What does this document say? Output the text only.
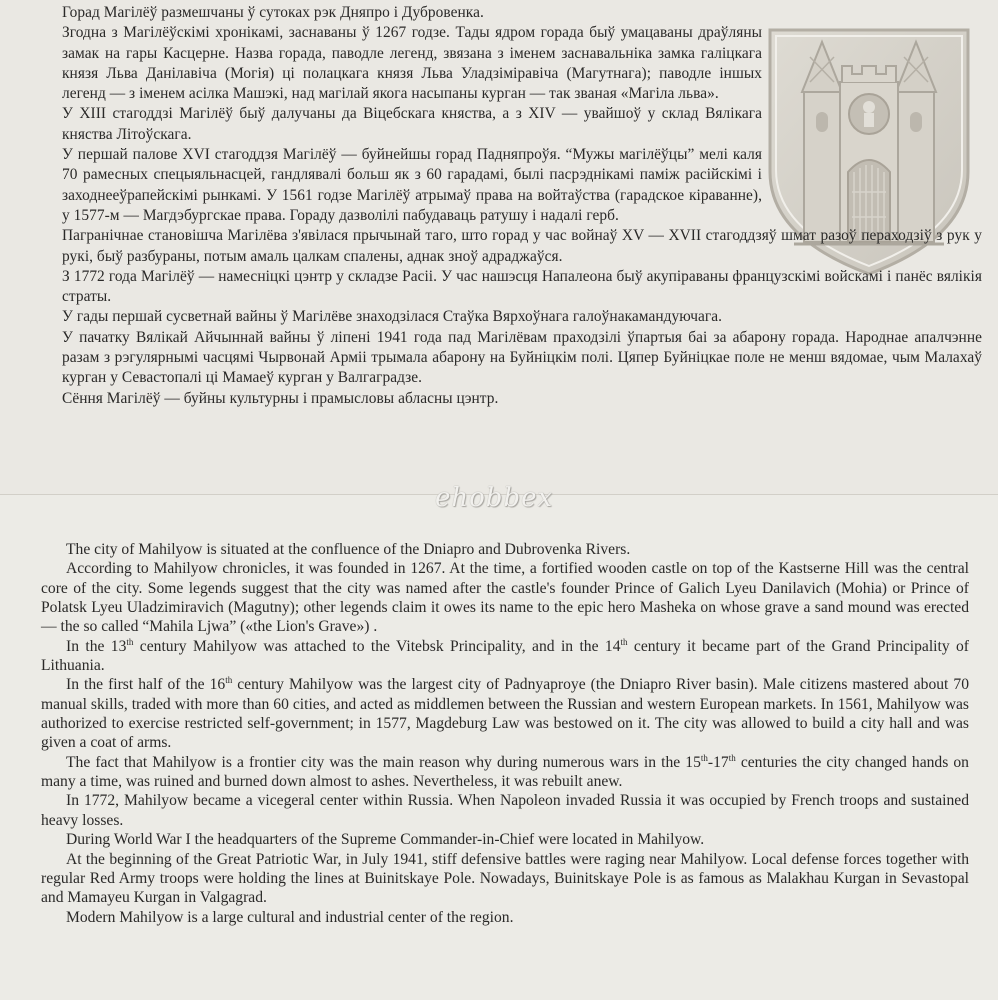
Горад Магілёў размешчаны ў сутоках рэк Дняпро і Дубровенка.

Згодна з Магілёўскімі хронікамі, заснаваны ў 1267 годзе. Тады ядром горада быў умацаваны драўляны замак на гары Касцерне. Назва горада, паводле легенд, звязана з іменем заснавальніка замка галіцкага князя Льва Данілавіча (Могія) ці полацкага князя Льва Уладзіміравіча (Магутнага); паводле іншых легенд — з іменем асілка Машэкі, над магілай якога насыпаны курган — так званая «Магіла льва».

У XIII стагоддзі Магілёў быў далучаны да Віцебскага княства, а з XIV — увайшоў у склад Вялікага княства Літоўскага.

У першай палове XVI стагоддзя Магілёў — буйнейшы горад Падняпроўя. “Мужы магілёўцы” мелі каля 70 рамесных спецыяльнасцей, гандлявалі больш як з 60 гарадамі, былі пасрэднікамі паміж расійскімі і заходнееўрапейскімі рынкамі. У 1561 годзе Магілёў атрымаў права на войтаўства (гарадское кіраванне), у 1577-м — Магдэбургскае права. Гораду дазволілі пабудаваць ратушу і надалі герб.

Пагранічнае становішча Магілёва з'явілася прычынай таго, што горад у час войнаў XV — XVII стагоддзяў шмат разоў пераходзіў з рук у рукі, быў разбураны, потым амаль цалкам спалены, аднак зноў адраджаўся.

З 1772 года Магілёў — намесніцкі цэнтр у складзе Расіі. У час нашэсця Напалеона быў акупіраваны французскімі войскамі і панёс вялікія страты.

У гады першай сусветнай вайны ў Магілёве знаходзілася Стаўка Вярхоўнага галоўнакамандуючага.

У пачатку Вялікай Айчыннай вайны ў ліпені 1941 года пад Магілёвам праходзілі ўпартыя баі за абарону горада. Народнае апалчэнне разам з рэгулярнымі часцямі Чырвонай Арміі трымала абарону на Буйніцкім полі. Цяпер Буйніцкае поле не менш вядомае, чым Малахаў курган у Севастопалі ці Мамаеў курган у Валгаградзе.

Сёння Магілёў — буйны культурны і прамысловы абласны цэнтр.

ehobbex

The city of Mahilyow is situated at the confluence of the Dniapro and Dubrovenka Rivers.

According to Mahilyow chronicles, it was founded in 1267. At the time, a fortified wooden castle on top of the Kastserne Hill was the central core of the city. Some legends suggest that the city was named after the castle's founder Prince of Galich Lyeu Danilavich (Mohia) or Prince of Polatsk Lyeu Uladzimiravich (Magutny); other legends claim it owes its name to the epic hero Masheka on whose grave a sand mound was erected — the so called “Mahila Ljwa” («the Lion's Grave») .

In the 13th century Mahilyow was attached to the Vitebsk Principality, and in the 14th century it became part of the Grand Principality of Lithuania.

In the first half of the 16th century Mahilyow was the largest city of Padnyaproye (the Dniapro River basin). Male citizens mastered about 70 manual skills, traded with more than 60 cities, and acted as middlemen between the Russian and western European markets. In 1561, Mahilyow was authorized to exercise restricted self-government; in 1577, Magdeburg Law was bestowed on it. The city was allowed to build a city hall and was given a coat of arms.

The fact that Mahilyow is a frontier city was the main reason why during numerous wars in the 15th-17th centuries the city changed hands on many a time, was ruined and burned down almost to ashes. Nevertheless, it was rebuilt anew.

In 1772, Mahilyow became a vicegeral center within Russia. When Napoleon invaded Russia it was occupied by French troops and sustained heavy losses.

During World War I the headquarters of the Supreme Commander-in-Chief were located in Mahilyow.

At the beginning of the Great Patriotic War, in July 1941, stiff defensive battles were raging near Mahilyow. Local defense forces together with regular Red Army troops were holding the lines at Buinitskaye Pole. Nowadays, Buinitskaye Pole is as famous as Malakhau Kurgan in Sevastopal and Mamayeu Kurgan in Valgagrad.

Modern Mahilyow is a large cultural and industrial center of the region.
